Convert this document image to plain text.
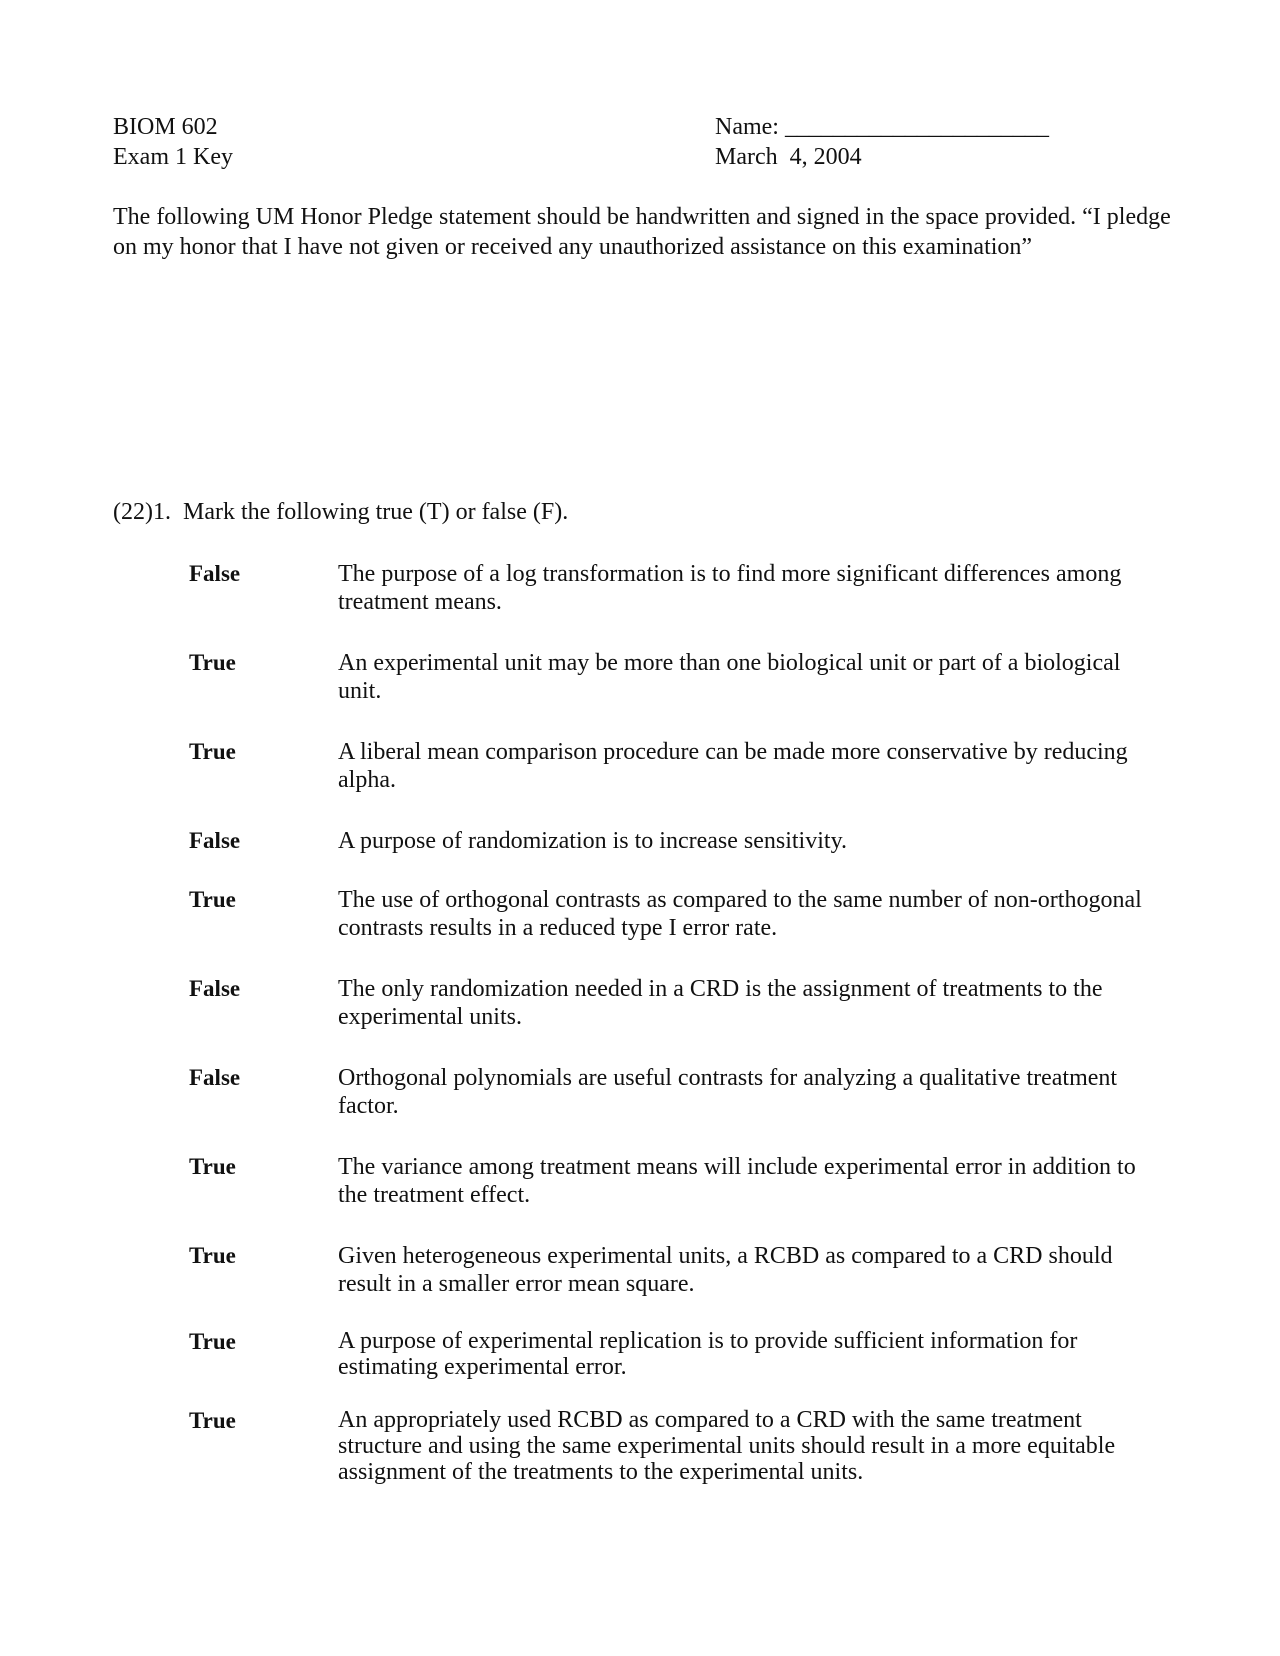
BIOM 602
Exam 1 Key
Name: ______________________
March  4, 2004
The following UM Honor Pledge statement should be handwritten and signed in the space provided. “I pledge on my honor that I have not given or received any unauthorized assistance on this examination”
(22)1.  Mark the following true (T) or false (F).
False	The purpose of a log transformation is to find more significant differences among treatment means.
True	An experimental unit may be more than one biological unit or part of a biological unit.
True	A liberal mean comparison procedure can be made more conservative by reducing alpha.
False	A purpose of randomization is to increase sensitivity.
True	The use of orthogonal contrasts as compared to the same number of non-orthogonal contrasts results in a reduced type I error rate.
False	The only randomization needed in a CRD is the assignment of treatments to the experimental units.
False	Orthogonal polynomials are useful contrasts for analyzing a qualitative treatment factor.
True	The variance among treatment means will include experimental error in addition to the treatment effect.
True	Given heterogeneous experimental units, a RCBD as compared to a CRD should result in a smaller error mean square.
True	A purpose of experimental replication is to provide sufficient information for estimating experimental error.
True	An appropriately used RCBD as compared to a CRD with the same treatment structure and using the same experimental units should result in a more equitable assignment of the treatments to the experimental units.
